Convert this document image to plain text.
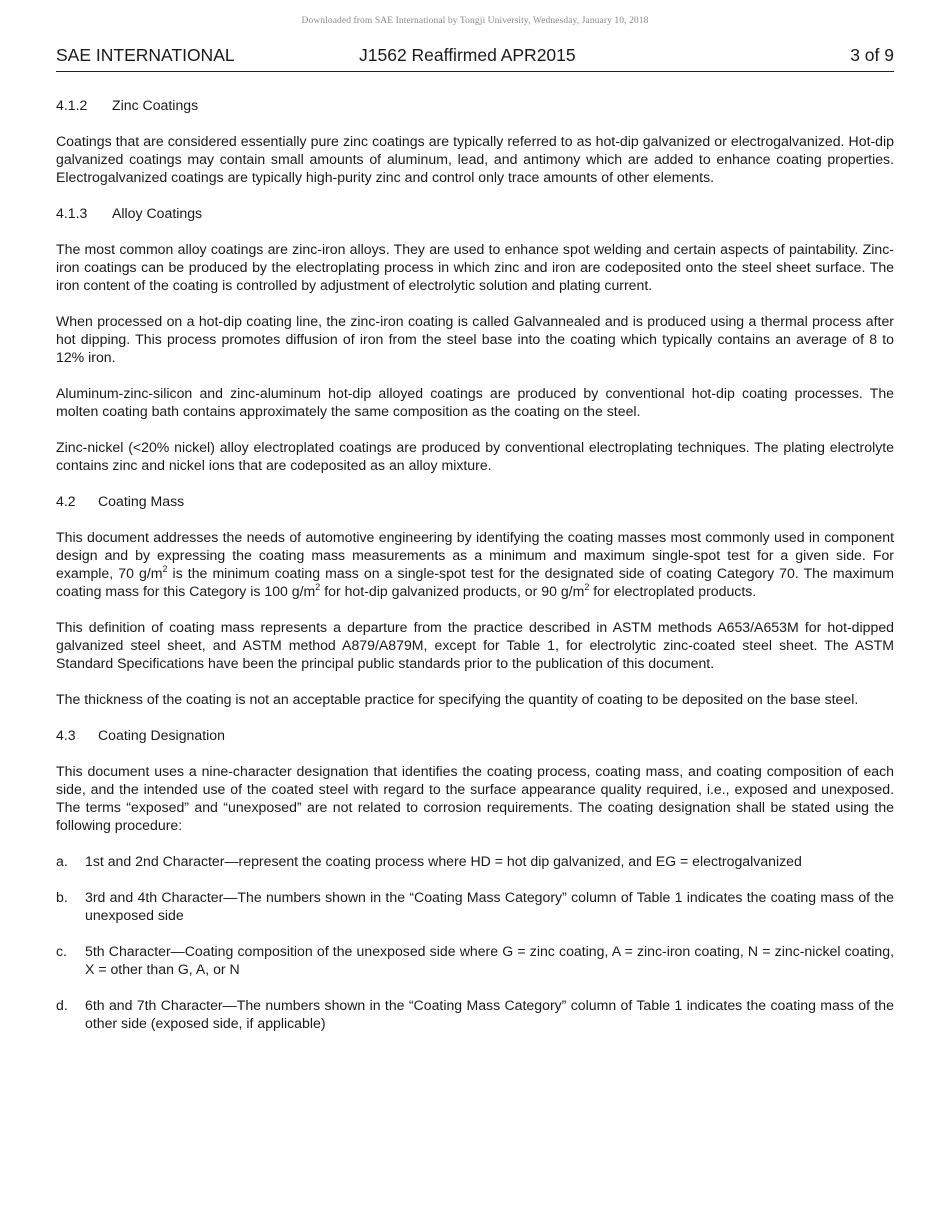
Downloaded from SAE International by Tongji University, Wednesday, January 10, 2018
SAE INTERNATIONAL	J1562 Reaffirmed APR2015	3 of 9
4.1.2 Zinc Coatings

Coatings that are considered essentially pure zinc coatings are typically referred to as hot-dip galvanized or electrogalvanized. Hot-dip galvanized coatings may contain small amounts of aluminum, lead, and antimony which are added to enhance coating properties. Electrogalvanized coatings are typically high-purity zinc and control only trace amounts of other elements.

4.1.3 Alloy Coatings

The most common alloy coatings are zinc-iron alloys. They are used to enhance spot welding and certain aspects of paintability. Zinc-iron coatings can be produced by the electroplating process in which zinc and iron are codeposited onto the steel sheet surface. The iron content of the coating is controlled by adjustment of electrolytic solution and plating current.

When processed on a hot-dip coating line, the zinc-iron coating is called Galvannealed and is produced using a thermal process after hot dipping. This process promotes diffusion of iron from the steel base into the coating which typically contains an average of 8 to 12% iron.

Aluminum-zinc-silicon and zinc-aluminum hot-dip alloyed coatings are produced by conventional hot-dip coating processes. The molten coating bath contains approximately the same composition as the coating on the steel.

Zinc-nickel (<20% nickel) alloy electroplated coatings are produced by conventional electroplating techniques. The plating electrolyte contains zinc and nickel ions that are codeposited as an alloy mixture.

4.2 Coating Mass

This document addresses the needs of automotive engineering by identifying the coating masses most commonly used in component design and by expressing the coating mass measurements as a minimum and maximum single-spot test for a given side. For example, 70 $g/m^2$ is the minimum coating mass on a single-spot test for the designated side of coating Category 70. The maximum coating mass for this Category is 100 $g/m^2$ for hot-dip galvanized products, or 90 $g/m^2$ for electroplated products.

This definition of coating mass represents a departure from the practice described in ASTM methods A653/A653M for hot-dipped galvanized steel sheet, and ASTM method A879/A879M, except for Table 1, for electrolytic zinc-coated steel sheet. The ASTM Standard Specifications have been the principal public standards prior to the publication of this document.

The thickness of the coating is not an acceptable practice for specifying the quantity of coating to be deposited on the base steel.

4.3 Coating Designation

This document uses a nine-character designation that identifies the coating process, coating mass, and coating composition of each side, and the intended use of the coated steel with regard to the surface appearance quality required, i.e., exposed and unexposed. The terms “exposed” and “unexposed” are not related to corrosion requirements. The coating designation shall be stated using the following procedure:

a.	1st and 2nd Character—represent the coating process where HD = hot dip galvanized, and EG = electrogalvanized
b.	3rd and 4th Character—The numbers shown in the “Coating Mass Category” column of Table 1 indicates the coating mass of the unexposed side
c.	5th Character—Coating composition of the unexposed side where G = zinc coating, A = zinc-iron coating, N = zinc-nickel coating, X = other than G, A, or N
d.	6th and 7th Character—The numbers shown in the “Coating Mass Category” column of Table 1 indicates the coating mass of the other side (exposed side, if applicable)
